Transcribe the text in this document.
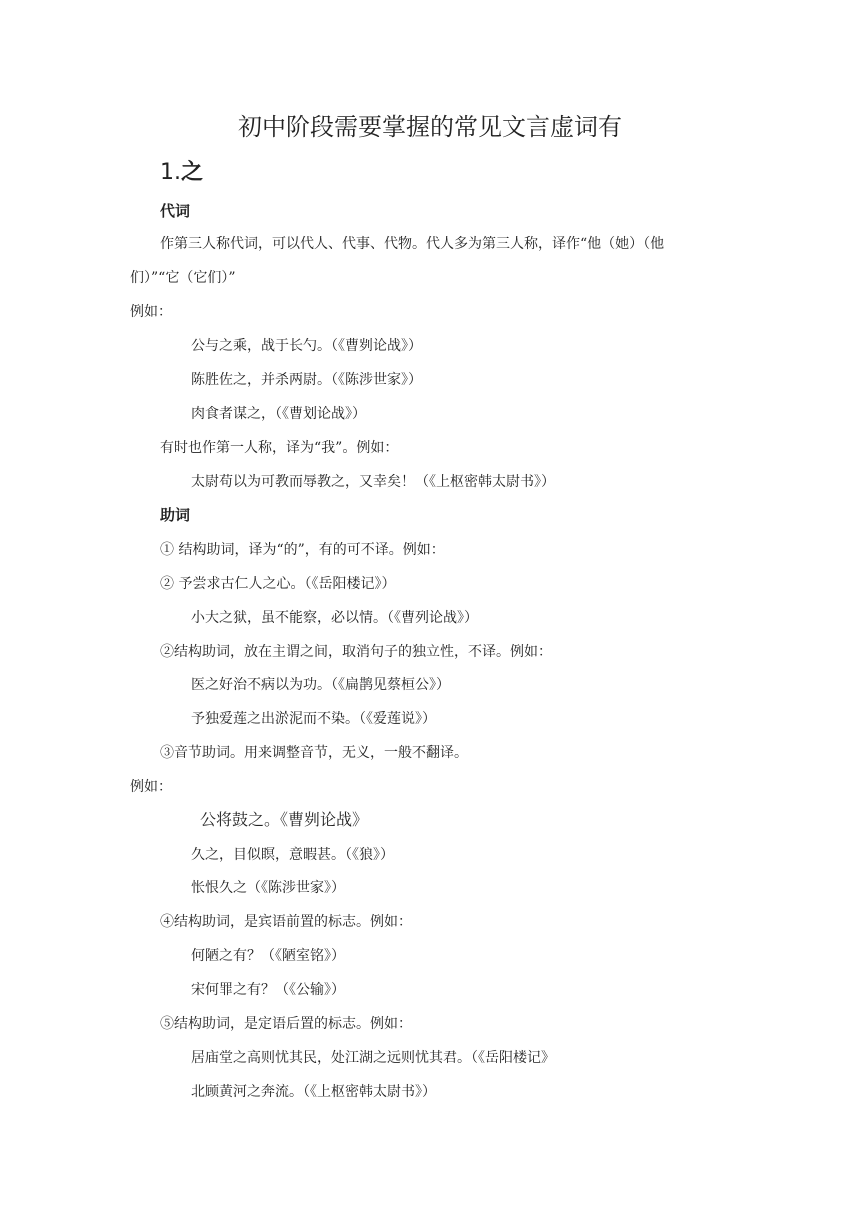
初中阶段需要掌握的常见文言虚词有
1.之
代词
作第三人称代词，可以代人、代事、代物。代人多为第三人称，译作“他（她）（他
们）”“它（它们）”
例如：
公与之乘，战于长勺。（《曹刿论战》）
陈胜佐之，并杀两尉。（《陈涉世家》）
肉食者谋之，（《曹划论战》）
有时也作第一人称，译为“我”。例如：
太尉苟以为可教而辱教之，又幸矣！（《上枢密韩太尉书》）
助词
① 结构助词，译为“的”，有的可不译。例如：
② 予尝求古仁人之心。（《岳阳楼记》）
小大之狱，虽不能察，必以情。（《曹列论战》）
②结构助词，放在主谓之间，取消句子的独立性，不译。例如：
医之好治不病以为功。（《扁鹊见蔡桓公》）
予独爱莲之出淤泥而不染。（《爱莲说》）
③音节助词。用来调整音节，无义，一般不翻译。
例如：
公将鼓之。《曹刿论战》
久之，目似瞑，意暇甚。（《狼》）
怅恨久之（《陈涉世家》）
④结构助词，是宾语前置的标志。例如：
何陋之有？（《陋室铭》）
宋何罪之有？（《公输》）
⑤结构助词，是定语后置的标志。例如：
居庙堂之高则忧其民，处江湖之远则忧其君。（《岳阳楼记》
北顾黄河之奔流。（《上枢密韩太尉书》）
